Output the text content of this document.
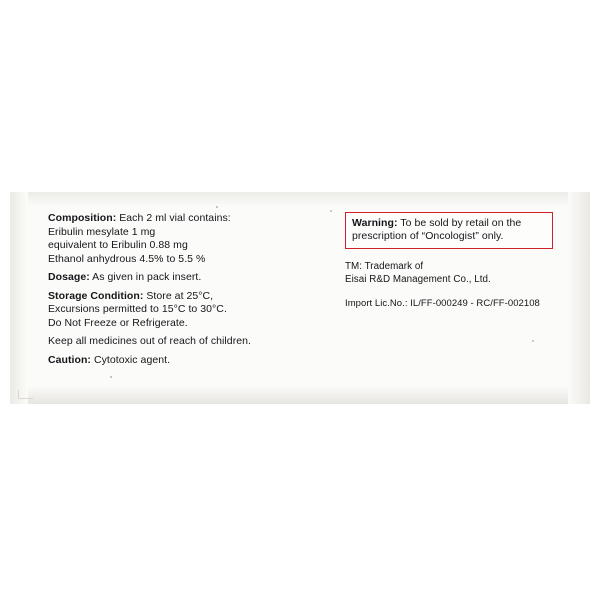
Composition: Each 2 ml vial contains:
Eribulin mesylate 1 mg
equivalent to Eribulin 0.88 mg
Ethanol anhydrous 4.5% to 5.5 %
Dosage: As given in pack insert.
Storage Condition: Store at 25°C,
Excursions permitted to 15°C to 30°C.
Do Not Freeze or Refrigerate.
Keep all medicines out of reach of children.
Caution: Cytotoxic agent.
Warning: To be sold by retail on the
prescription of “Oncologist” only.
TM: Trademark of
Eisai R&D Management Co., Ltd.
Import Lic.No.: IL/FF-000249 - RC/FF-002108
